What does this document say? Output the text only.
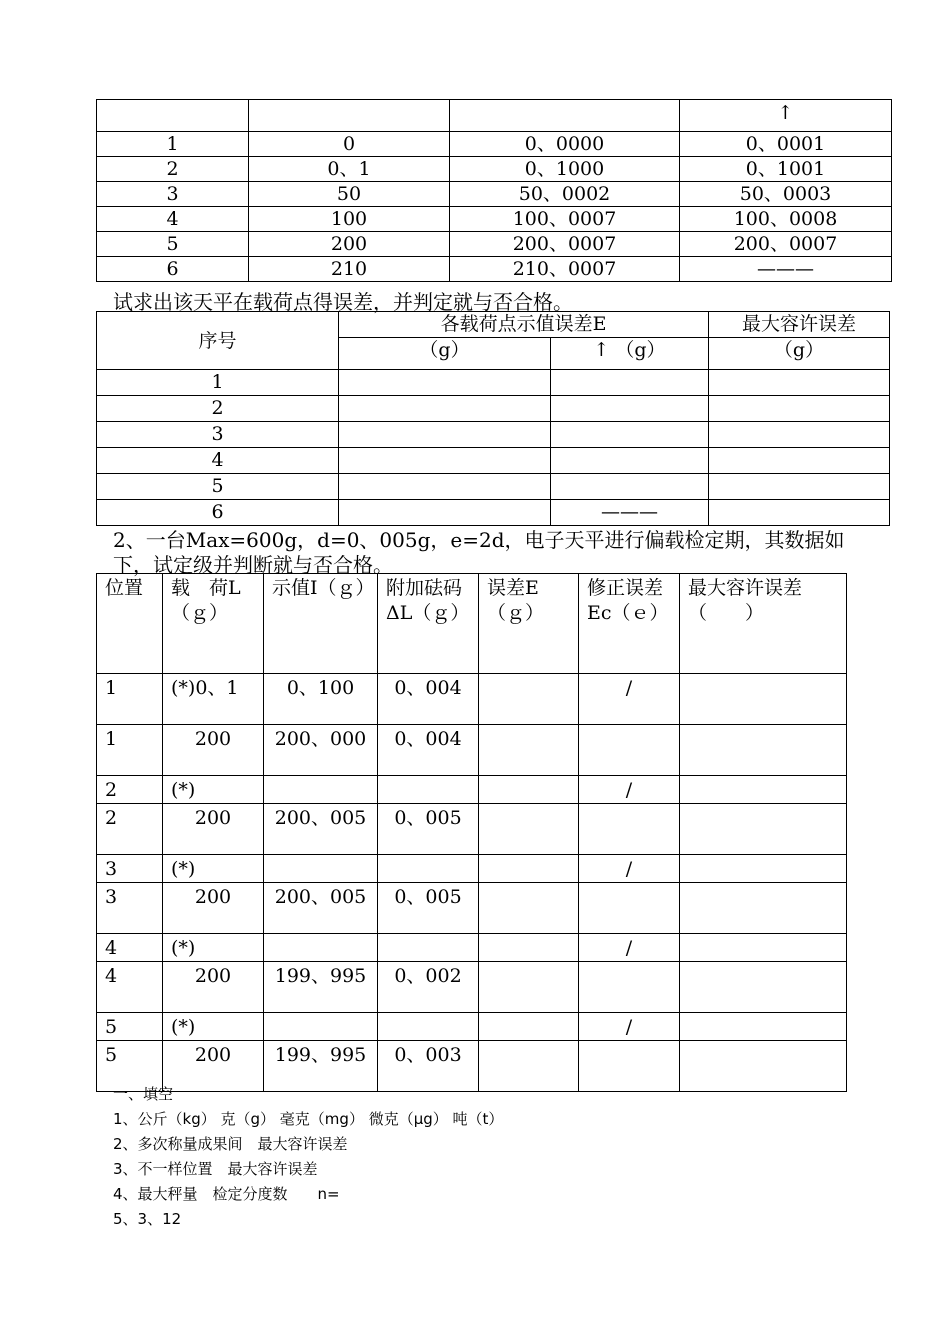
			↑
1	0	0、0000	0、0001
2	0、1	0、1000	0、1001
3	50	50、0002	50、0003
4	100	100、0007	100、0008
5	200	200、0007	200、0007
6	210	210、0007	———
试求出该天平在载荷点得误差，并判定就与否合格。
序号	各载荷点示值误差E		最大容许误差
	（g）	↑ （g）	（g）
1			
2			
3			
4			
5			
6		———	
2、一台Max=600g，d=0、005g，e=2d，电子天平进行偏载检定期，其数据如
下，试定级并判断就与否合格。
位置	载　荷L（ｇ）	示值I（ｇ）	附加砝码ΔL（ｇ）	误差E（ｇ）	修正误差Ec（ｅ）	最大容许误差（　　）
1	(*)0、1	0、100	0、004		/	
1	200	200、000	0、004			
2	(*)				/	
2	200	200、005	0、005			
3	(*)				/	
3	200	200、005	0、005			
4	(*)				/	
4	200	199、995	0、002			
5	(*)				/	
5	200	199、995	0、003			
一、填空
1、公斤（kg） 克（g） 毫克（mg） 微克（μg） 吨（t）
2、多次称量成果间　最大容许误差
3、不一样位置　最大容许误差
4、最大秤量　检定分度数　　n=
5、3、12
